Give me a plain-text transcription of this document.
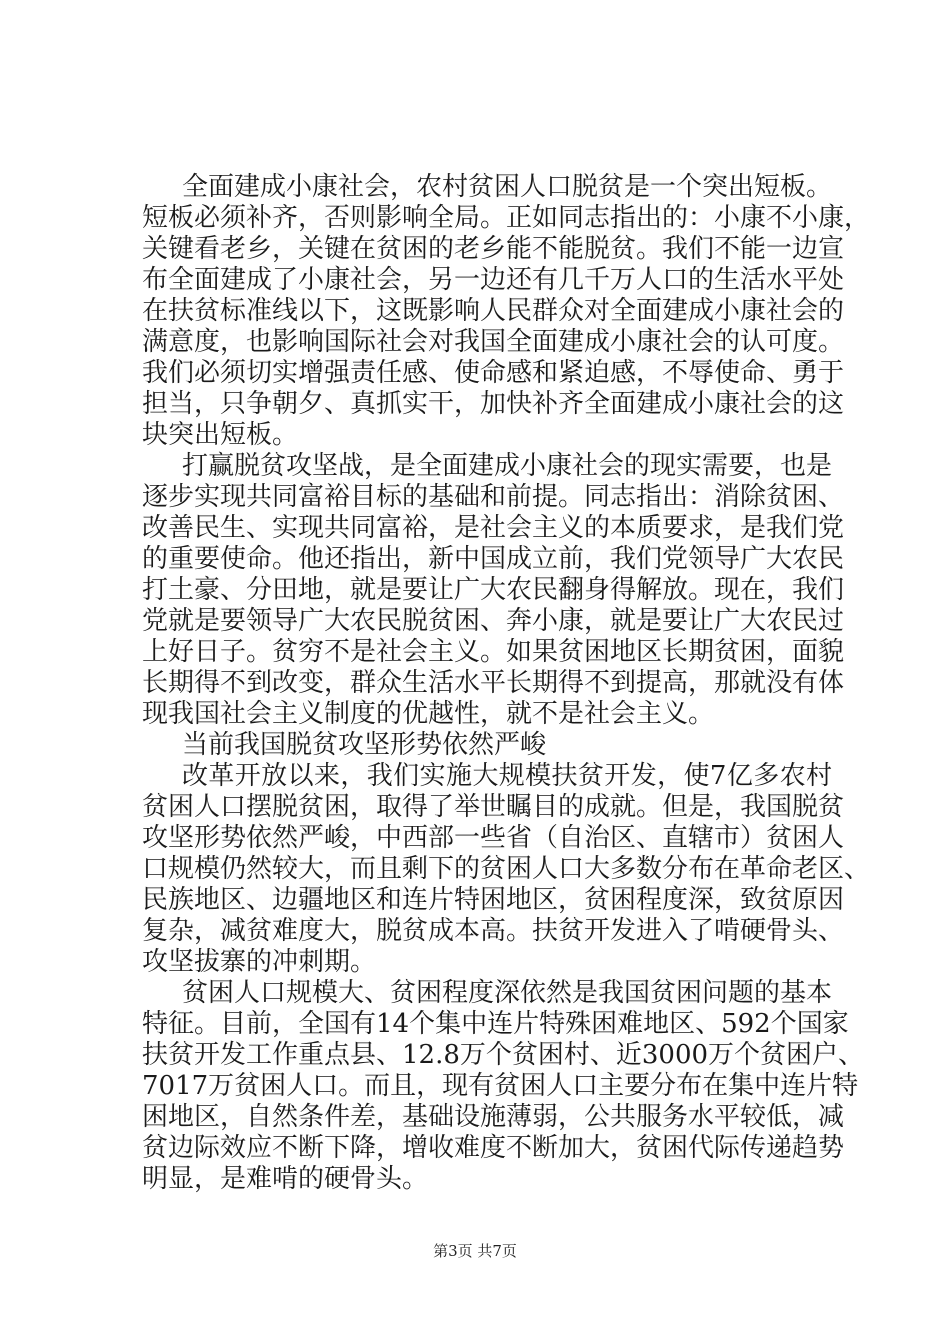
全面建成小康社会，农村贫困人口脱贫是一个突出短板。
短板必须补齐，否则影响全局。正如同志指出的：小康不小康，
关键看老乡，关键在贫困的老乡能不能脱贫。我们不能一边宣
布全面建成了小康社会，另一边还有几千万人口的生活水平处
在扶贫标准线以下，这既影响人民群众对全面建成小康社会的
满意度，也影响国际社会对我国全面建成小康社会的认可度。
我们必须切实增强责任感、使命感和紧迫感，不辱使命、勇于
担当，只争朝夕、真抓实干，加快补齐全面建成小康社会的这
块突出短板。
打赢脱贫攻坚战，是全面建成小康社会的现实需要，也是
逐步实现共同富裕目标的基础和前提。同志指出：消除贫困、
改善民生、实现共同富裕，是社会主义的本质要求，是我们党
的重要使命。他还指出，新中国成立前，我们党领导广大农民
打土豪、分田地，就是要让广大农民翻身得解放。现在，我们
党就是要领导广大农民脱贫困、奔小康，就是要让广大农民过
上好日子。贫穷不是社会主义。如果贫困地区长期贫困，面貌
长期得不到改变，群众生活水平长期得不到提高，那就没有体
现我国社会主义制度的优越性，就不是社会主义。
当前我国脱贫攻坚形势依然严峻
改革开放以来，我们实施大规模扶贫开发，使7亿多农村
贫困人口摆脱贫困，取得了举世瞩目的成就。但是，我国脱贫
攻坚形势依然严峻，中西部一些省（自治区、直辖市）贫困人
口规模仍然较大，而且剩下的贫困人口大多数分布在革命老区、
民族地区、边疆地区和连片特困地区，贫困程度深，致贫原因
复杂，减贫难度大，脱贫成本高。扶贫开发进入了啃硬骨头、
攻坚拔寨的冲刺期。
贫困人口规模大、贫困程度深依然是我国贫困问题的基本
特征。目前，全国有14个集中连片特殊困难地区、592个国家
扶贫开发工作重点县、12.8万个贫困村、近3000万个贫困户、
7017万贫困人口。而且，现有贫困人口主要分布在集中连片特
困地区，自然条件差，基础设施薄弱，公共服务水平较低，减
贫边际效应不断下降，增收难度不断加大，贫困代际传递趋势
明显，是难啃的硬骨头。
第3页 共7页
